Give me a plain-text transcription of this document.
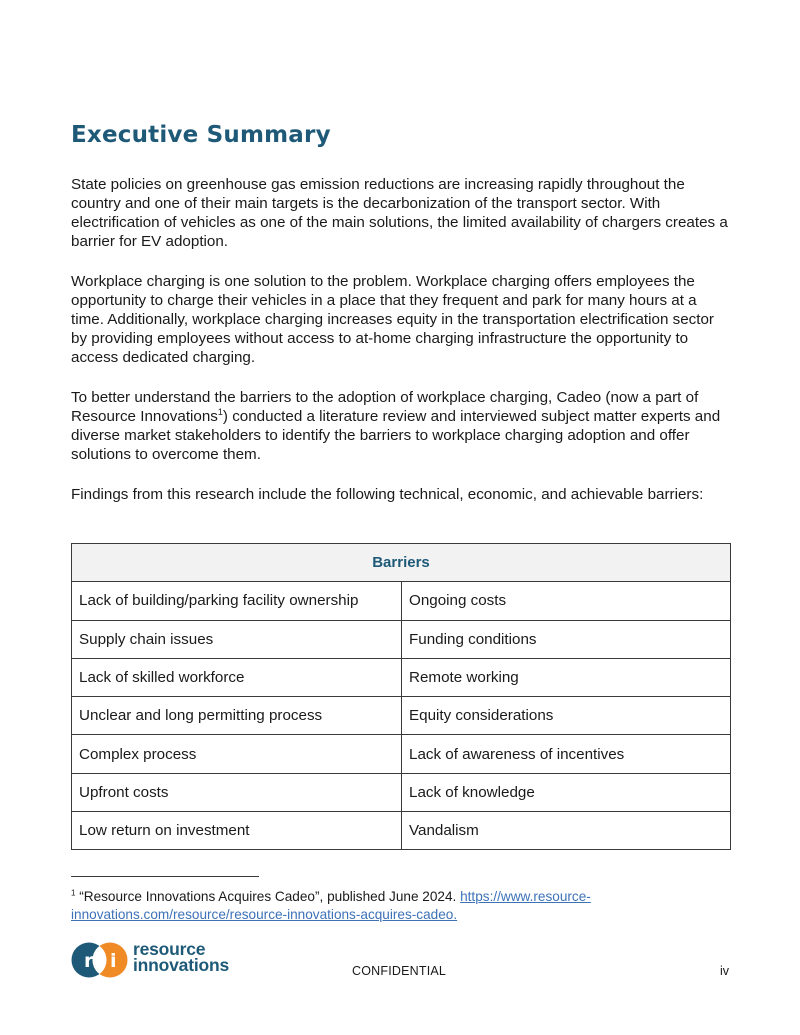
Executive Summary

State policies on greenhouse gas emission reductions are increasing rapidly throughout the country and one of their main targets is the decarbonization of the transport sector. With electrification of vehicles as one of the main solutions, the limited availability of chargers creates a barrier for EV adoption.

Workplace charging is one solution to the problem. Workplace charging offers employees the opportunity to charge their vehicles in a place that they frequent and park for many hours at a time. Additionally, workplace charging increases equity in the transportation electrification sector by providing employees without access to at-home charging infrastructure the opportunity to access dedicated charging.

To better understand the barriers to the adoption of workplace charging, Cadeo (now a part of Resource Innovations$^1$) conducted a literature review and interviewed subject matter experts and diverse market stakeholders to identify the barriers to workplace charging adoption and offer solutions to overcome them.

Findings from this research include the following technical, economic, and achievable barriers:

Barriers	
Lack of building/parking facility ownership	Ongoing costs
Supply chain issues	Funding conditions
Lack of skilled workforce	Remote working
Unclear and long permitting process	Equity considerations
Complex process	Lack of awareness of incentives
Upfront costs	Lack of knowledge
Low return on investment	Vandalism

$^1$ “Resource Innovations Acquires Cadeo”, published June 2024. https://www.resource-innovations.com/resource/resource-innovations-acquires-cadeo.

r i
resource
innovations	CONFIDENTIAL	iv
